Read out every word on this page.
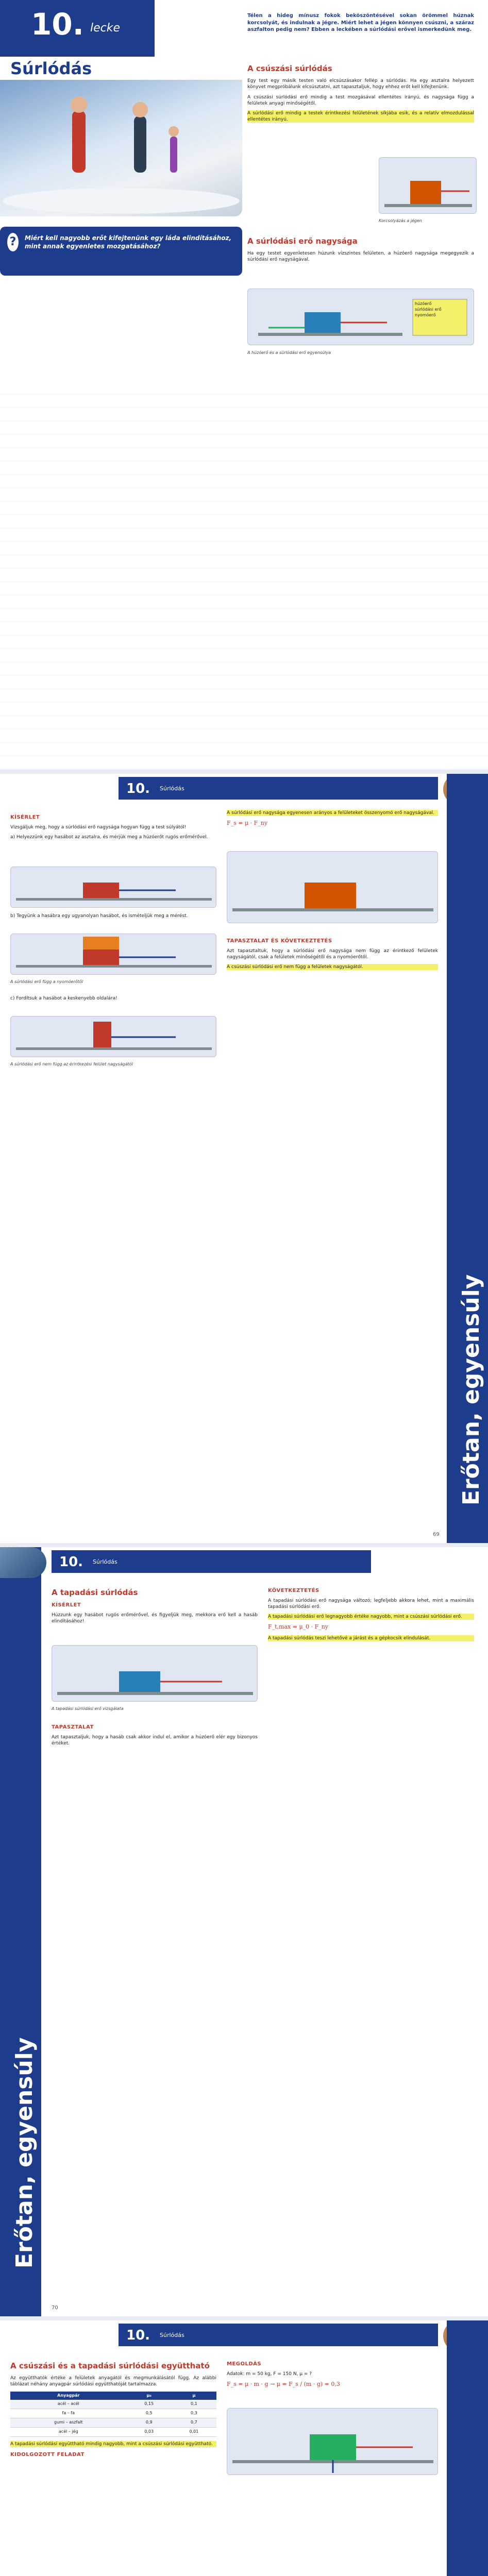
10. lecke
Súrlódás

Télen a hideg mínusz fokok beköszöntésével sokan örömmel húznak korcsolyát, és indulnak a jégre. Miért lehet a jégen könnyen csúszni, a száraz aszfalton pedig nem? Ebben a leckében a súrlódási erővel ismerkedünk meg.

A csúszási súrlódás

Egy test egy másik testen való elcsúszásakor fellép a súrlódás. Ha egy asztalra helyezett könyvet megpróbálunk elcsúsztatni, azt tapasztaljuk, hogy ehhez erőt kell kifejtenünk.

A csúszási súrlódási erő mindig a test mozgásával ellentétes irányú, és nagysága függ a felületek anyagi minőségétől.

A súrlódási erő mindig a testek érintkezési felületének síkjába esik, és a relatív elmozdulással ellentétes irányú.

Korcsolyázás a jégen
?	Miért kell nagyobb erőt kifejtenünk egy láda elindításához, mint annak egyenletes mozgatásához?
A súrlódási erő nagysága

Ha egy testet egyenletesen húzunk vízszintes felületen, a húzóerő nagysága megegyezik a súrlódási erő nagyságával.

húzóerő
súrlódási erő
nyomóerő
A húzóerő és a súrlódási erő egyensúlya
10. Súrlódás
Erőtan, egyensúly
KÍSÉRLET

Vizsgáljuk meg, hogy a súrlódási erő nagysága hogyan függ a test súlyától!

a) Helyezzünk egy hasábot az asztalra, és mérjük meg a húzóerőt rugós erőmérővel.

b) Tegyünk a hasábra egy ugyanolyan hasábot, és ismételjük meg a mérést.

A súrlódási erő függ a nyomóerőtől

c) Fordítsuk a hasábot a keskenyebb oldalára!

A súrlódási erő nem függ az érintkezési felület nagyságától

A súrlódási erő nagysága egyenesen arányos a felületeket összenyomó erő nagyságával.

F_s = μ · F_ny
TAPASZTALAT ÉS KÖVETKEZTETÉS

Azt tapasztaltuk, hogy a súrlódási erő nagysága nem függ az érintkező felületek nagyságától, csak a felületek minőségétől és a nyomóerőtől.

A csúszási súrlódási erő nem függ a felületek nagyságától.

69
Erőtan, egyensúly
10. Súrlódás
A tapadási súrlódás
KÍSÉRLET

Húzzunk egy hasábot rugós erőmérővel, és figyeljük meg, mekkora erő kell a hasáb elindításához!

A tapadási súrlódási erő vizsgálata
TAPASZTALAT

Azt tapasztaljuk, hogy a hasáb csak akkor indul el, amikor a húzóerő elér egy bizonyos értéket.

KÖVETKEZTETÉS

A tapadási súrlódási erő nagysága változó; legfeljebb akkora lehet, mint a maximális tapadási súrlódási erő.

A tapadási súrlódási erő legnagyobb értéke nagyobb, mint a csúszási súrlódási erő.

F_t,max = μ_0 · F_ny

A tapadási súrlódás teszi lehetővé a járást és a gépkocsik elindulását.

70
10. Súrlódás
A csúszási és a tapadási súrlódási együttható

Az együtthatók értéke a felületek anyagától és megmunkálásától függ. Az alábbi táblázat néhány anyagpár súrlódási együtthatóját tartalmazza.

Anyagpár	μ₀	μ
acél – acél	0,15	0,1
fa – fa	0,5	0,3
gumi – aszfalt	0,9	0,7
acél – jég	0,03	0,01

A tapadási súrlódási együttható mindig nagyobb, mint a csúszási súrlódási együttható.

KIDOLGOZOTT FELADAT
MEGOLDÁS

Adatok: m = 50 kg, F = 150 N, μ = ?

F_s = μ · m · g → μ = F_s / (m · g) = 0,3
